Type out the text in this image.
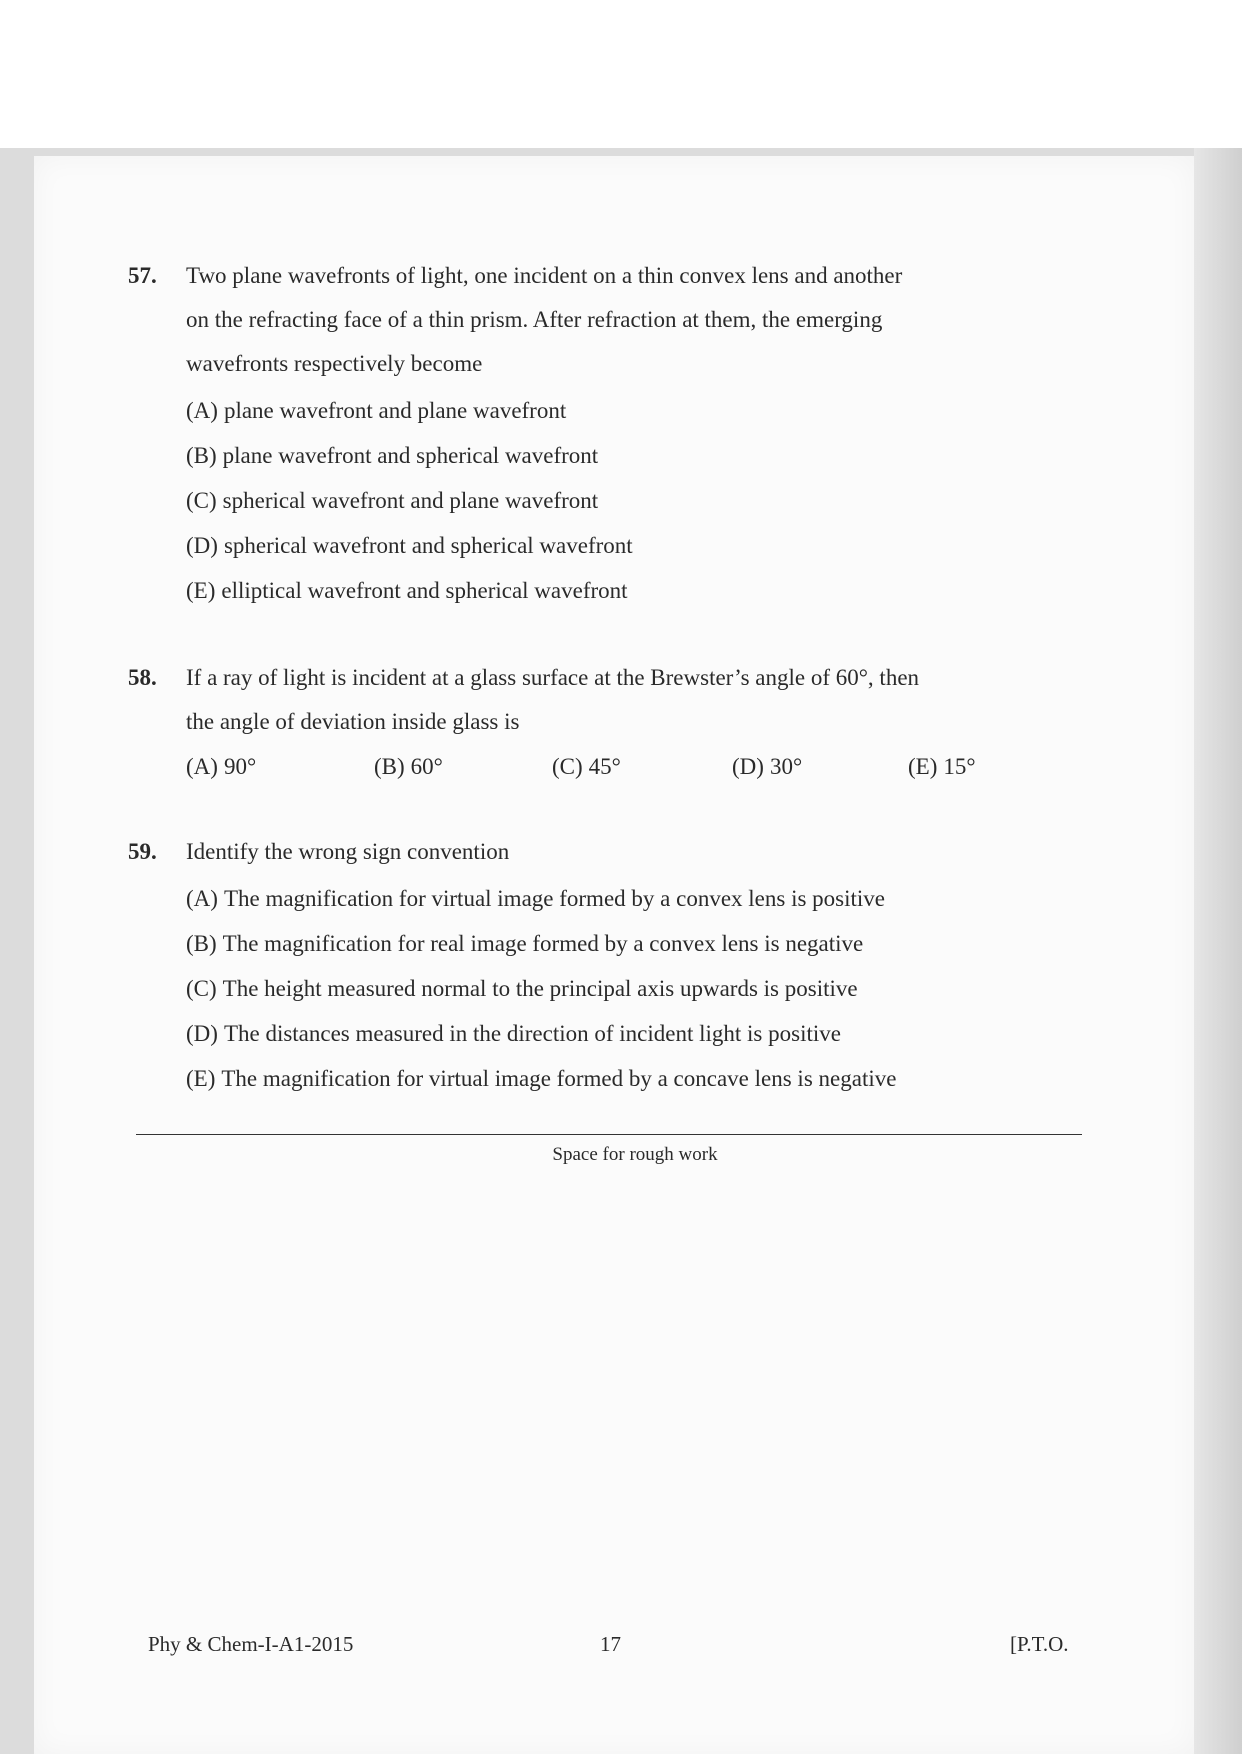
57. Two plane wavefronts of light, one incident on a thin convex lens and another
on the refracting face of a thin prism. After refraction at them, the emerging
wavefronts respectively become
(A) plane wavefront and plane wavefront
(B) plane wavefront and spherical wavefront
(C) spherical wavefront and plane wavefront
(D) spherical wavefront and spherical wavefront
(E) elliptical wavefront and spherical wavefront
58. If a ray of light is incident at a glass surface at the Brewster’s angle of 60°, then
the angle of deviation inside glass is
(A) 90°	(B) 60°	(C) 45°	(D) 30°	(E) 15°
59. Identify the wrong sign convention
(A) The magnification for virtual image formed by a convex lens is positive
(B) The magnification for real image formed by a convex lens is negative
(C) The height measured normal to the principal axis upwards is positive
(D) The distances measured in the direction of incident light is positive
(E) The magnification for virtual image formed by a concave lens is negative
Space for rough work
Phy & Chem-I-A1-2015	17	[P.T.O.
